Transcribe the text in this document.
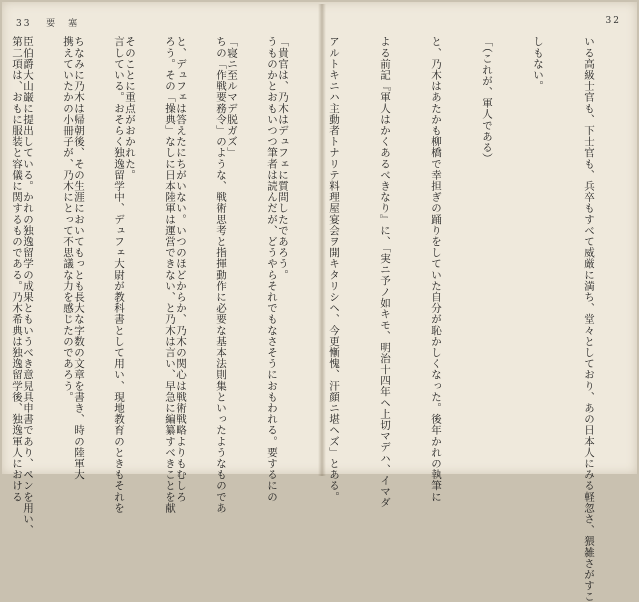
33 要　塞

うものかとおもいつつ筆者は読んだが、どうやらそれでもなさそうにおもわれる。要するにの

ちの「作戦要務令」のような、戦術思考と指揮動作に必要な基本法則集といったようなものであ

ろう。その「操典」なしに日本陸軍は運営できない、と乃木は言い、早急に編纂すべきことを献

言している。おそらく独逸留学中、デュフェ大尉が教科書として用い、現地教育のときもそれを

携えていたかの小冊子が、乃木にとって不思議な力を感じたのであろう。

第二項は、おもに服装と容儀に関するものである。乃木希典は独逸留学後、独逸軍人における

32

いる高級士官も、下士官も、兵卒もすべて威厳に満ち、堂々としており、あの日本人にみる軽忽さ、猥雑さがすこ

しもない。

「（これが、軍人である）

と、乃木はあたかも柳橋で幸担ぎの踊りをしていた自分が恥かしくなった。後年かれの執筆に

よる前記『軍人はかくあるべきなり』に、「実ニ予ノ如キモ、明治十四年ヘ上切マデハ、イマダ

アルトキニハ主動者トナリテ料理屋宴会ヲ開キタリシヘ、今更慚愧、汗顔ニ堪ヘズ」とある。

「貴官は、乃木はデュフェに質問したであろう。

「寝ニ至ルマデ脱ガズ」

と、デュフェは答えたにちがいない。いつのほどからか、乃木の関心は戦術戦略よりもむしろ

そのことに重点がおかれた。

ちなみに乃木は帰朝後、その生涯においてもっとも長大な字数の文章を書き、時の陸軍大

臣伯爵大山巌に提出している。かれの独逸留学の成果ともいうべき意見具申書であり、ペンを用い、
